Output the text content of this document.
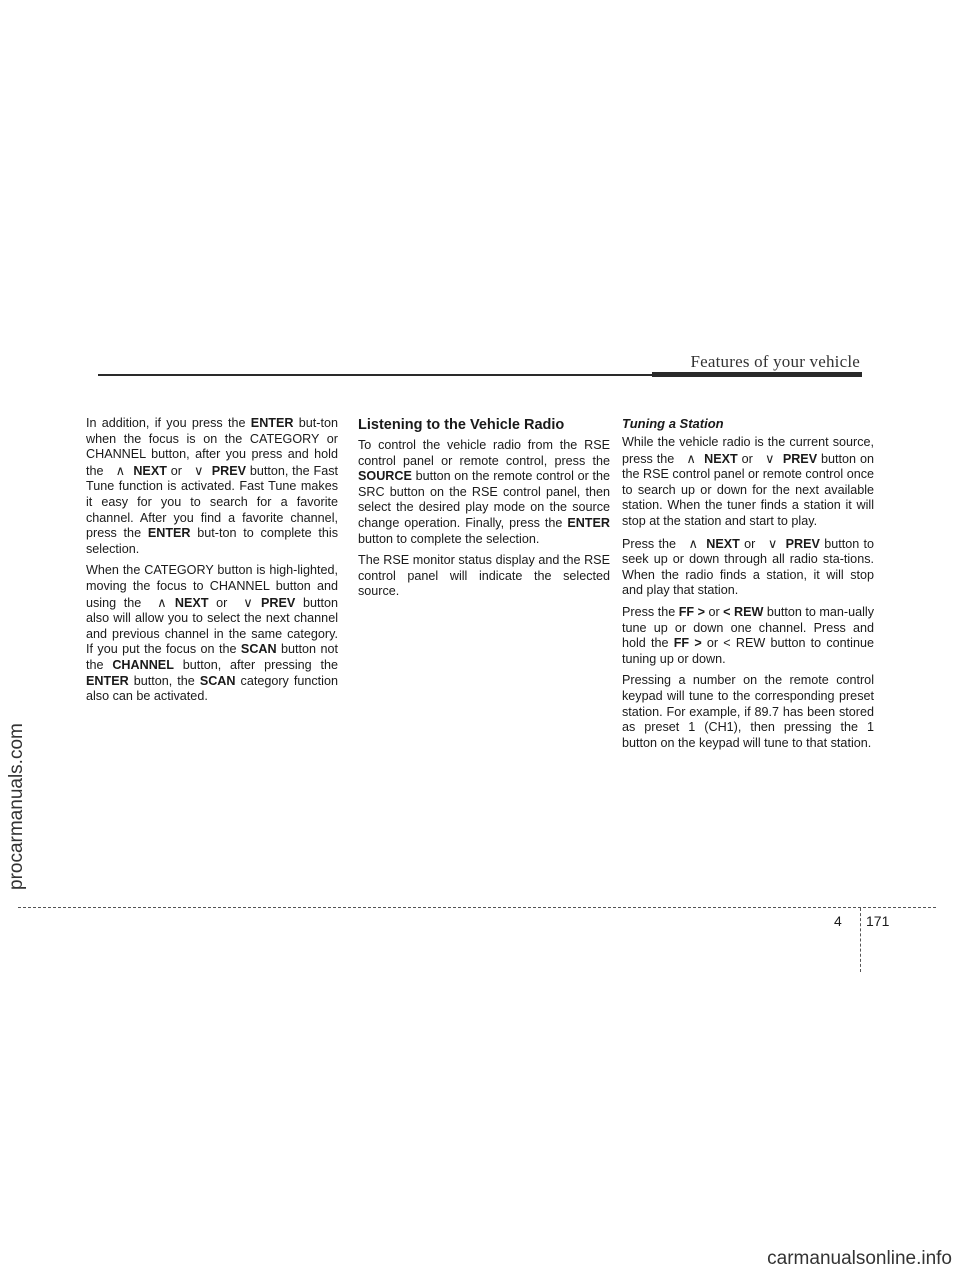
Features of your vehicle

In addition, if you press the ENTER but-ton when the focus is on the CATEGORY or CHANNEL button, after you press and hold the ∧ NEXT or ∨ PREV button, the Fast Tune function is activated. Fast Tune makes it easy for you to search for a favorite channel. After you find a favorite channel, press the ENTER but-ton to complete this selection.

When the CATEGORY button is high-lighted, moving the focus to CHANNEL button and using the ∧ NEXT or ∨ PREV button also will allow you to select the next channel and previous channel in the same category. If you put the focus on the SCAN button not the CHANNEL button, after pressing the ENTER button, the SCAN category function also can be activated.

Listening to the Vehicle Radio

To control the vehicle radio from the RSE control panel or remote control, press the SOURCE button on the remote control or the SRC button on the RSE control panel, then select the desired play mode on the source change operation. Finally, press the ENTER button to complete the selection.

The RSE monitor status display and the RSE control panel will indicate the selected source.

Tuning a Station

While the vehicle radio is the current source, press the ∧ NEXT or ∨ PREV button on the RSE control panel or remote control once to search up or down for the next available station. When the tuner finds a station it will stop at the station and start to play.

Press the ∧ NEXT or ∨ PREV button to seek up or down through all radio sta-tions. When the radio finds a station, it will stop and play that station.

Press the FF > or < REW button to man-ually tune up or down one channel. Press and hold the FF > or < REW button to continue tuning up or down.

Pressing a number on the remote control keypad will tune to the corresponding preset station. For example, if 89.7 has been stored as preset 1 (CH1), then pressing the 1 button on the keypad will tune to that station.

4 171
procarmanuals.com
carmanualsonline.info
